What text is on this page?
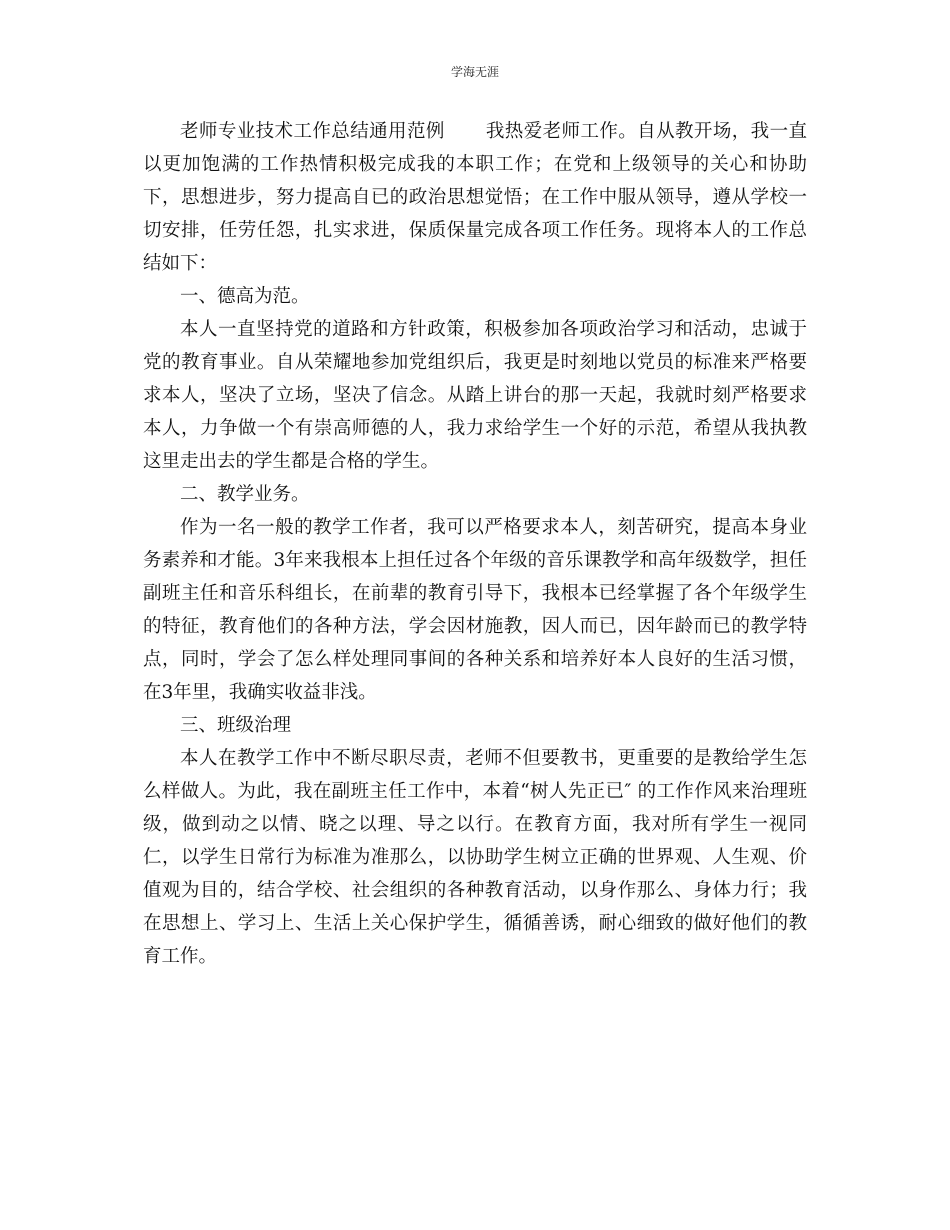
学海无涯

老师专业技术工作总结通用范例 我热爱老师工作。自从教开场，我一直以更加饱满的工作热情积极完成我的本职工作；在党和上级领导的关心和协助下，思想进步，努力提高自已的政治思想觉悟；在工作中服从领导，遵从学校一切安排，任劳任怨，扎实求进，保质保量完成各项工作任务。现将本人的工作总结如下：

一、德高为范。

本人一直坚持党的道路和方针政策，积极参加各项政治学习和活动，忠诚于党的教育事业。自从荣耀地参加党组织后，我更是时刻地以党员的标准来严格要求本人，坚决了立场，坚决了信念。从踏上讲台的那一天起，我就时刻严格要求本人，力争做一个有崇高师德的人，我力求给学生一个好的示范，希望从我执教这里走出去的学生都是合格的学生。

二、教学业务。

作为一名一般的教学工作者，我可以严格要求本人，刻苦研究，提高本身业务素养和才能。3年来我根本上担任过各个年级的音乐课教学和高年级数学，担任副班主任和音乐科组长，在前辈的教育引导下，我根本已经掌握了各个年级学生的特征，教育他们的各种方法，学会因材施教，因人而已，因年龄而已的教学特点，同时，学会了怎么样处理同事间的各种关系和培养好本人良好的生活习惯，在3年里，我确实收益非浅。

三、班级治理

本人在教学工作中不断尽职尽责，老师不但要教书，更重要的是教给学生怎么样做人。为此，我在副班主任工作中，本着“树人先正已″ 的工作作风来治理班级，做到动之以情、晓之以理、导之以行。在教育方面，我对所有学生一视同仁，以学生日常行为标准为准那么，以协助学生树立正确的世界观、人生观、价值观为目的，结合学校、社会组织的各种教育活动，以身作那么、身体力行；我在思想上、学习上、生活上关心保护学生，循循善诱，耐心细致的做好他们的教育工作。
